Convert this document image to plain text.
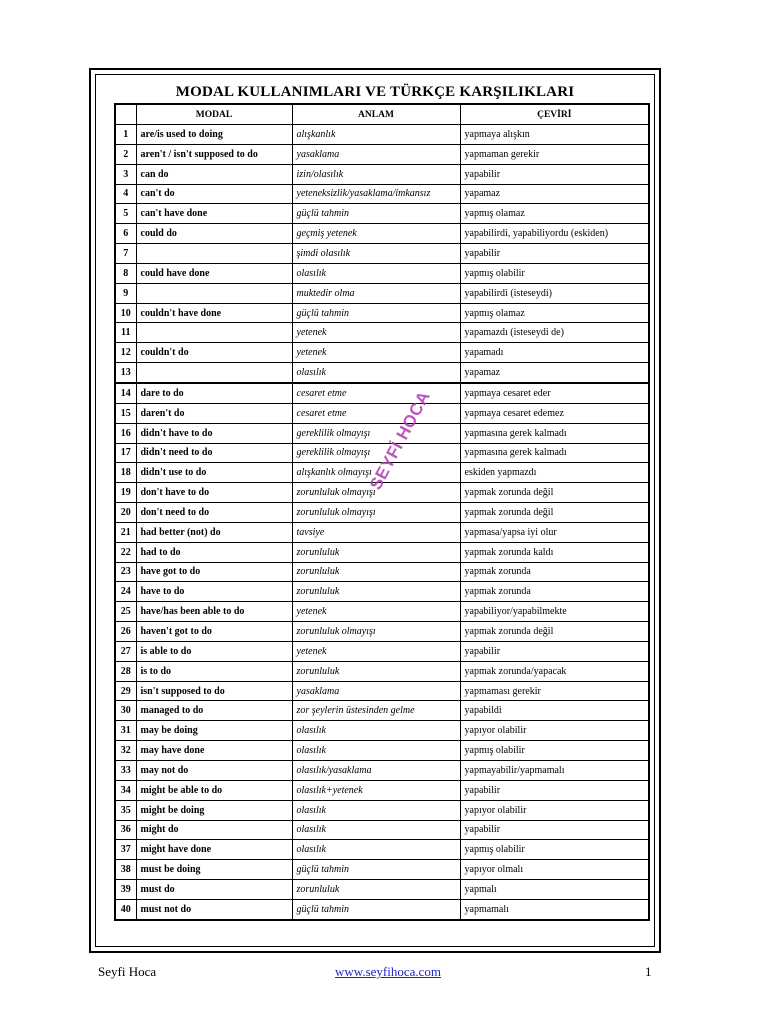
MODAL KULLANIMLARI VE TÜRKÇE KARŞILIKLARI
	MODAL	ANLAM	ÇEVİRİ
1	are/is used to doing	alışkanlık	yapmaya alışkın
2	aren't / isn't supposed to do	yasaklama	yapmaman gerekir
3	can do	izin/olasılık	yapabilir
4	can't do	yeteneksizlik/yasaklama/imkansız	yapamaz
5	can't have done	güçlü tahmin	yapmış olamaz
6	could do	geçmiş yetenek	yapabilirdi, yapabiliyordu (eskiden)
7		şimdi olasılık	yapabilir
8	could have done	olasılık	yapmış olabilir
9		muktedir olma	yapabilirdi (isteseydi)
10	couldn't have done	güçlü tahmin	yapmış olamaz
11		yetenek	yapamazdı (isteseydi de)
12	couldn't do	yetenek	yapamadı
13		olasılık	yapamaz
14	dare to do	cesaret etme	yapmaya cesaret eder
15	daren't do	cesaret etme	yapmaya cesaret edemez
16	didn't have to do	gereklilik olmayışı	yapmasına gerek kalmadı
17	didn't need to do	gereklilik olmayışı	yapmasına gerek kalmadı
18	didn't use to do	alışkanlık olmayışı	eskiden yapmazdı
19	don't have to do	zorunluluk olmayışı	yapmak zorunda değil
20	don't need to do	zorunluluk olmayışı	yapmak zorunda değil
21	had better (not) do	tavsiye	yapmasa/yapsa iyi olur
22	had to do	zorunluluk	yapmak zorunda kaldı
23	have got to do	zorunluluk	yapmak zorunda
24	have to do	zorunluluk	yapmak zorunda
25	have/has been able to do	yetenek	yapabiliyor/yapabilmekte
26	haven't got to do	zorunluluk olmayışı	yapmak zorunda değil
27	is able to do	yetenek	yapabilir
28	is to do	zorunluluk	yapmak zorunda/yapacak
29	isn't supposed to do	yasaklama	yapmaması gerekir
30	managed to do	zor şeylerin üstesinden gelme	yapabildi
31	may be doing	olasılık	yapıyor olabilir
32	may have done	olasılık	yapmış olabilir
33	may not do	olasılık/yasaklama	yapmayabilir/yapmamalı
34	might be able to do	olasılık+yetenek	yapabilir
35	might be doing	olasılık	yapıyor olabilir
36	might do	olasılık	yapabilir
37	might have done	olasılık	yapmış olabilir
38	must be doing	güçlü tahmin	yapıyor olmalı
39	must do	zorunluluk	yapmalı
40	must not do	güçlü tahmin	yapmamalı
SEYFİ HOCA
Seyfi Hoca	www.seyfihoca.com	1
